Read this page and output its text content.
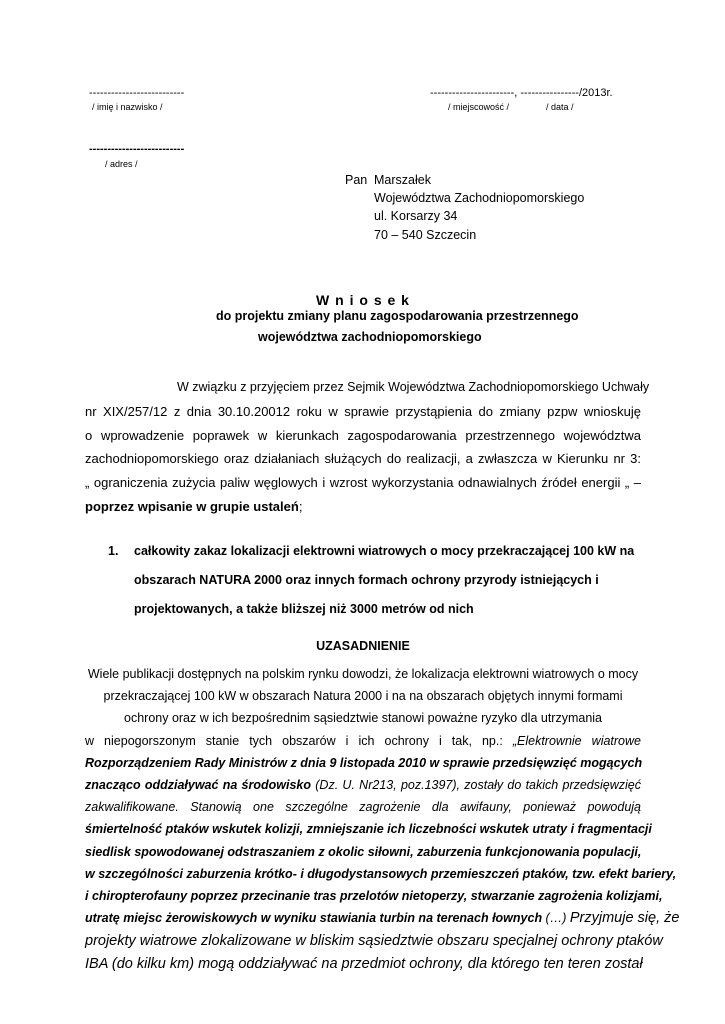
--------------------------
/ imię i nazwisko /
-----------------------, ----------------/2013r.
/ miejscowość /	/ data /
--------------------------
/ adres /
Pan Marszałek
Województwa Zachodniopomorskiego
ul. Korsarzy 34
70 – 540 Szczecin
W n i o s e k
do projektu zmiany planu zagospodarowania przestrzennego
województwa zachodniopomorskiego
W związku z przyjęciem przez Sejmik Województwa Zachodniopomorskiego Uchwały
nr XIX/257/12 z dnia 30.10.20012 roku w sprawie przystąpienia do zmiany pzpw wnioskuję
o wprowadzenie poprawek w kierunkach zagospodarowania przestrzennego województwa
zachodniopomorskiego oraz działaniach służących do realizacji, a zwłaszcza w Kierunku nr 3:
„ ograniczenia zużycia paliw węglowych i wzrost wykorzystania odnawialnych źródeł energii „ –
poprzez wpisanie w grupie ustaleń;
1. całkowity zakaz lokalizacji elektrowni wiatrowych o mocy przekraczającej 100 kW na
obszarach NATURA 2000 oraz innych formach ochrony przyrody istniejących i
projektowanych, a także bliższej niż 3000 metrów od nich
UZASADNIENIE
Wiele publikacji dostępnych na polskim rynku dowodzi, że lokalizacja elektrowni wiatrowych o mocy
przekraczającej 100 kW w obszarach Natura 2000 i na na obszarach objętych innymi formami
ochrony oraz w ich bezpośrednim sąsiedztwie stanowi poważne ryzyko dla utrzymania
w niepogorszonym stanie tych obszarów i ich ochrony i tak, np.: „Elektrownie wiatrowe
Rozporządzeniem Rady Ministrów z dnia 9 listopada 2010 w sprawie przedsięwzięć mogących
znacząco oddziaływać na środowisko (Dz. U. Nr213, poz.1397), zostały do takich przedsięwzięć
zakwalifikowane. Stanowią one szczególne zagrożenie dla awifauny, ponieważ powodują
śmiertelność ptaków wskutek kolizji, zmniejszanie ich liczebności wskutek utraty i fragmentacji
siedlisk spowodowanej odstraszaniem z okolic siłowni, zaburzenia funkcjonowania populacji,
w szczególności zaburzenia krótko- i długodystansowych przemieszczeń ptaków, tzw. efekt bariery,
i chiropterofauny poprzez przecinanie tras przelotów nietoperzy, stwarzanie zagrożenia kolizjami,
utratę miejsc żerowiskowych w wyniku stawiania turbin na terenach łownych (…) Przyjmuje się, że
projekty wiatrowe zlokalizowane w bliskim sąsiedztwie obszaru specjalnej ochrony ptaków
IBA (do kilku km) mogą oddziaływać na przedmiot ochrony, dla którego ten teren został
